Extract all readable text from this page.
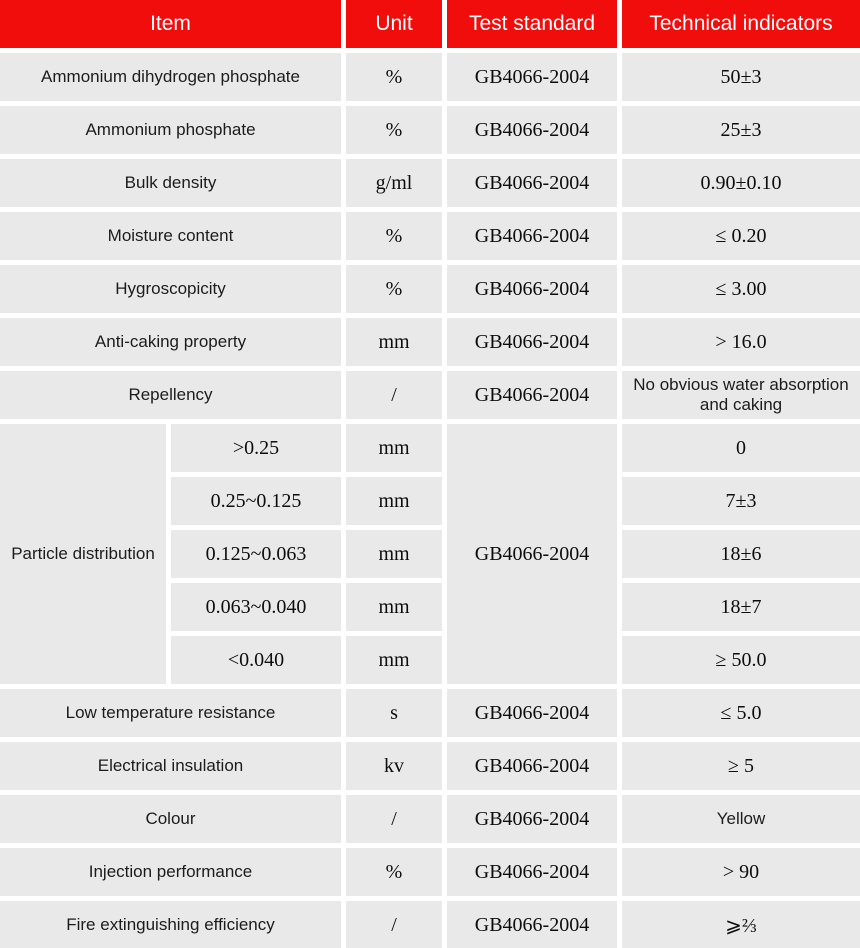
Item		Unit	Test standard	Technical indicators
Ammonium dihydrogen phosphate		%	GB4066-2004	50±3
Ammonium phosphate		%	GB4066-2004	25±3
Bulk density		g/ml	GB4066-2004	0.90±0.10
Moisture content		%	GB4066-2004	≤ 0.20
Hygroscopicity		%	GB4066-2004	≤ 3.00
Anti-caking property		mm	GB4066-2004	> 16.0
Repellency		/	GB4066-2004	No obvious water absorption and caking
Particle distribution	>0.25	mm	GB4066-2004	0
	0.25~0.125	mm		7±3
	0.125~0.063	mm		18±6
	0.063~0.040	mm		18±7
	<0.040	mm		≥ 50.0
Low temperature resistance		s	GB4066-2004	≤ 5.0
Electrical insulation		kv	GB4066-2004	≥ 5
Colour		/	GB4066-2004	Yellow
Injection performance		%	GB4066-2004	> 90
Fire extinguishing efficiency		/	GB4066-2004	⩾⅔
